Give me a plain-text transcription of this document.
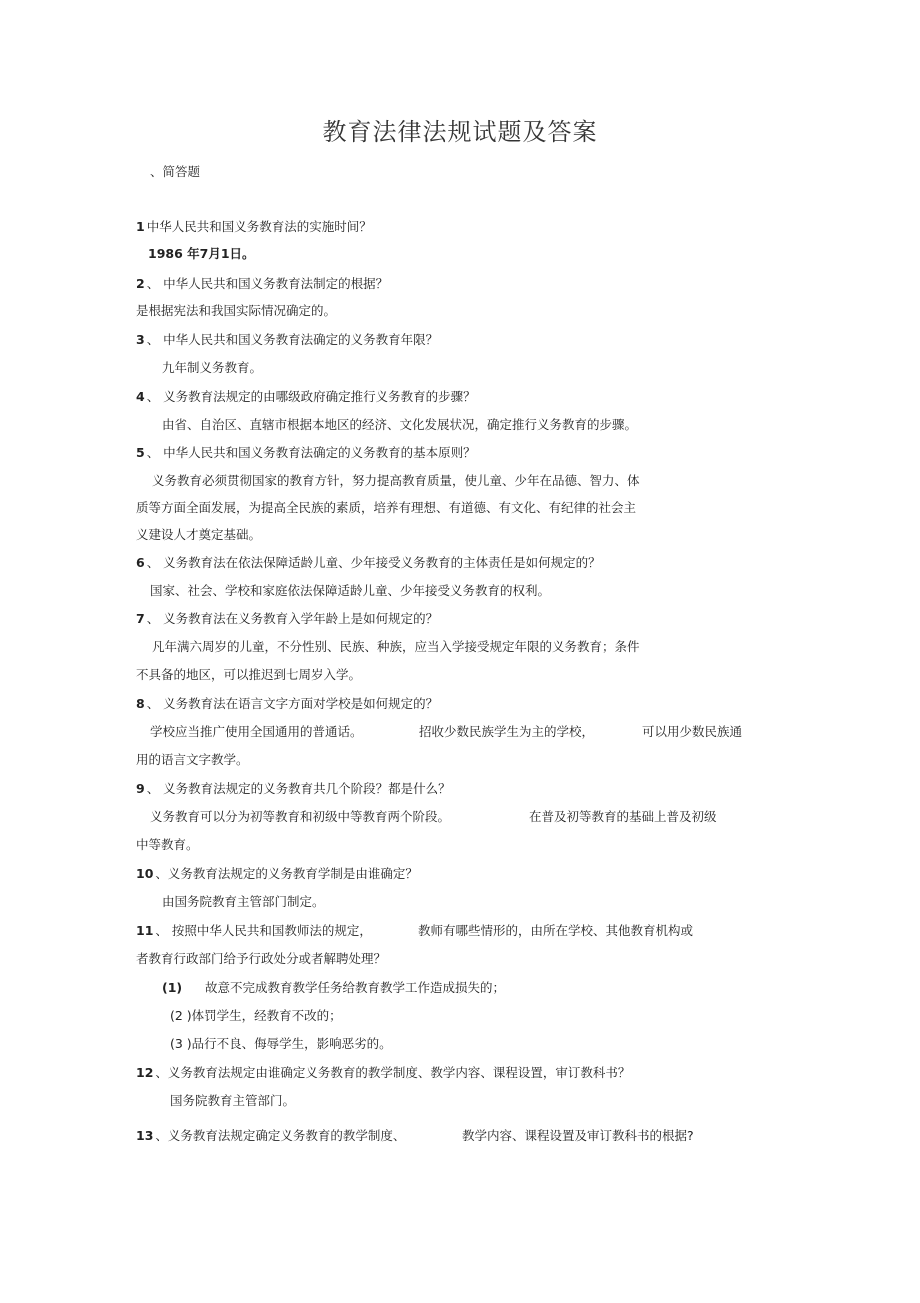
教育法律法规试题及答案
、简答题
1 中华人民共和国义务教育法的实施时间？
1986 年7月1日。
2 、 中华人民共和国义务教育法制定的根据？
是根据宪法和我国实际情况确定的。
3 、 中华人民共和国义务教育法确定的义务教育年限？
九年制义务教育。
4 、 义务教育法规定的由哪级政府确定推行义务教育的步骤？
由省、自治区、直辖市根据本地区的经济、文化发展状况，确定推行义务教育的步骤。
5 、 中华人民共和国义务教育法确定的义务教育的基本原则？
义务教育必须贯彻国家的教育方针，努力提高教育质量，使儿童、少年在品德、智力、体
质等方面全面发展，为提高全民族的素质，培养有理想、有道德、有文化、有纪律的社会主
义建设人才奠定基础。
6 、 义务教育法在依法保障适龄儿童、少年接受义务教育的主体责任是如何规定的？
国家、社会、学校和家庭依法保障适龄儿童、少年接受义务教育的权利。
7 、 义务教育法在义务教育入学年龄上是如何规定的？
凡年满六周岁的儿童，不分性别、民族、种族，应当入学接受规定年限的义务教育；条件
不具备的地区，可以推迟到七周岁入学。
8 、 义务教育法在语言文字方面对学校是如何规定的？
学校应当推广使用全国通用的普通话。	招收少数民族学生为主的学校，	可以用少数民族通
用的语言文字教学。
9 、 义务教育法规定的义务教育共几个阶段？都是什么？
义务教育可以分为初等教育和初级中等教育两个阶段。	在普及初等教育的基础上普及初级
中等教育。
10 、义务教育法规定的义务教育学制是由谁确定？
由国务院教育主管部门制定。
11 、 按照中华人民共和国教师法的规定，	教师有哪些情形的，由所在学校、其他教育机构或
者教育行政部门给予行政处分或者解聘处理？
(1) 故意不完成教育教学任务给教育教学工作造成损失的；
(2 )体罚学生，经教育不改的；
(3 )品行不良、侮辱学生，影响恶劣的。
12 、义务教育法规定由谁确定义务教育的教学制度、教学内容、课程设置，审订教科书？
国务院教育主管部门。
13 、义务教育法规定确定义务教育的教学制度、	教学内容、课程设置及审订教科书的根据?
